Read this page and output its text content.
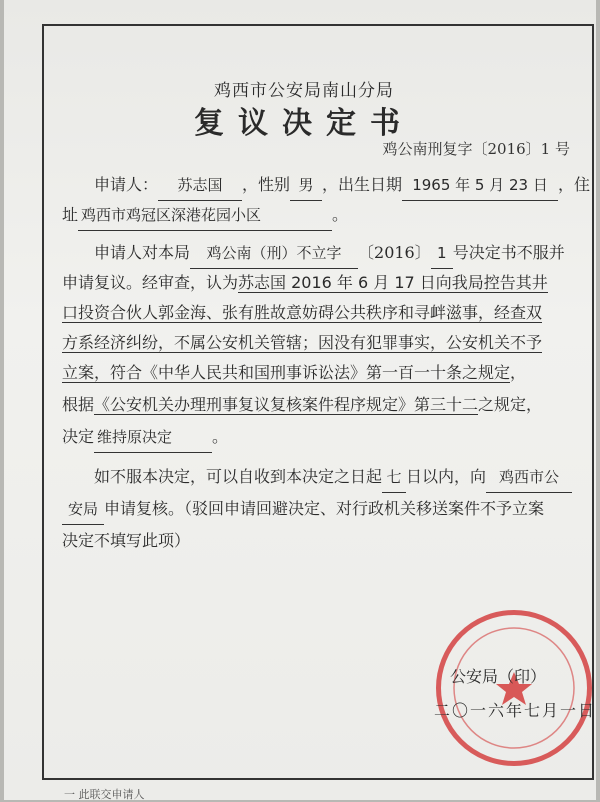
鸡西市公安局南山分局
复议决定书
鸡公南刑复字〔2016〕1 号
申请人： 苏志国 ，性别 男 ，出生日期 1965 年 5 月 23 日 ，住
址 鸡西市鸡冠区深港花园小区	。
申请人对本局 鸡公南（刑）不立字 〔2016〕 1 号决定书不服并
申请复议。经审查，认为苏志国 2016 年 6 月 17 日向我局控告其井
口投资合伙人郭金海、张有胜故意妨碍公共秩序和寻衅滋事，经查双
方系经济纠纷，不属公安机关管辖；因没有犯罪事实，公安机关不予
立案，符合《中华人民共和国刑事诉讼法》第一百一十条之规定，
根据《公安机关办理刑事复议复核案件程序规定》第三十二之规定，
决定 维持原决定 。
如不服本决定，可以自收到本决定之日起 七 日以内，向 鸡西市公
安局 申请复核。（驳回申请回避决定、对行政机关移送案件不予立案
决定不填写此项）
公安局（印）
二〇一六年七月一日
一 此联交申请人
